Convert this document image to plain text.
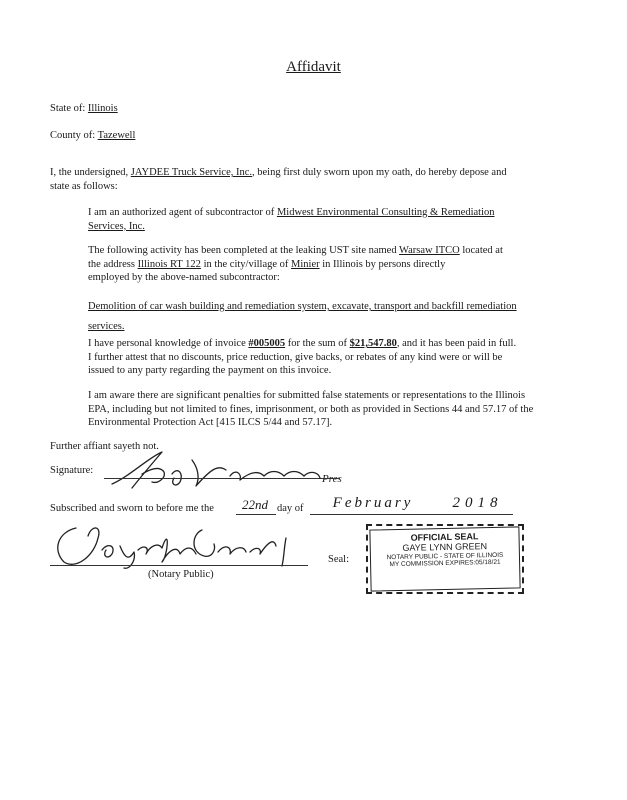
Affidavit
State of: Illinois
County of: Tazewell
I, the undersigned, JAYDEE Truck Service, Inc., being first duly sworn upon my oath, do hereby depose and
state as follows:
I am an authorized agent of subcontractor of Midwest Environmental Consulting & Remediation
Services, Inc.
The following activity has been completed at the leaking UST site named Warsaw ITCO located at
the address Illinois RT 122 in the city/village of Minier in Illinois by persons directly
employed by the above-named subcontractor:
Demolition of car wash building and remediation system, excavate, transport and backfill remediation
services.
I have personal knowledge of invoice #005005 for the sum of $21,547.80, and it has been paid in full.
I further attest that no discounts, price reduction, give backs, or rebates of any kind were or will be
issued to any party regarding the payment on this invoice.
I am aware there are significant penalties for submitted false statements or representations to the Illinois
EPA, including but not limited to fines, imprisonment, or both as provided in Sections 44 and 57.17 of the
Environmental Protection Act [415 ILCS 5/44 and 57.17].
Further affiant sayeth not.
Signature:
Pres
Subscribed and sworn to before me the	22nd day of	February	2018
(Notary Public)
Seal:
OFFICIAL SEAL
GAYE LYNN GREEN
NOTARY PUBLIC - STATE OF ILLINOIS
MY COMMISSION EXPIRES:05/18/21
